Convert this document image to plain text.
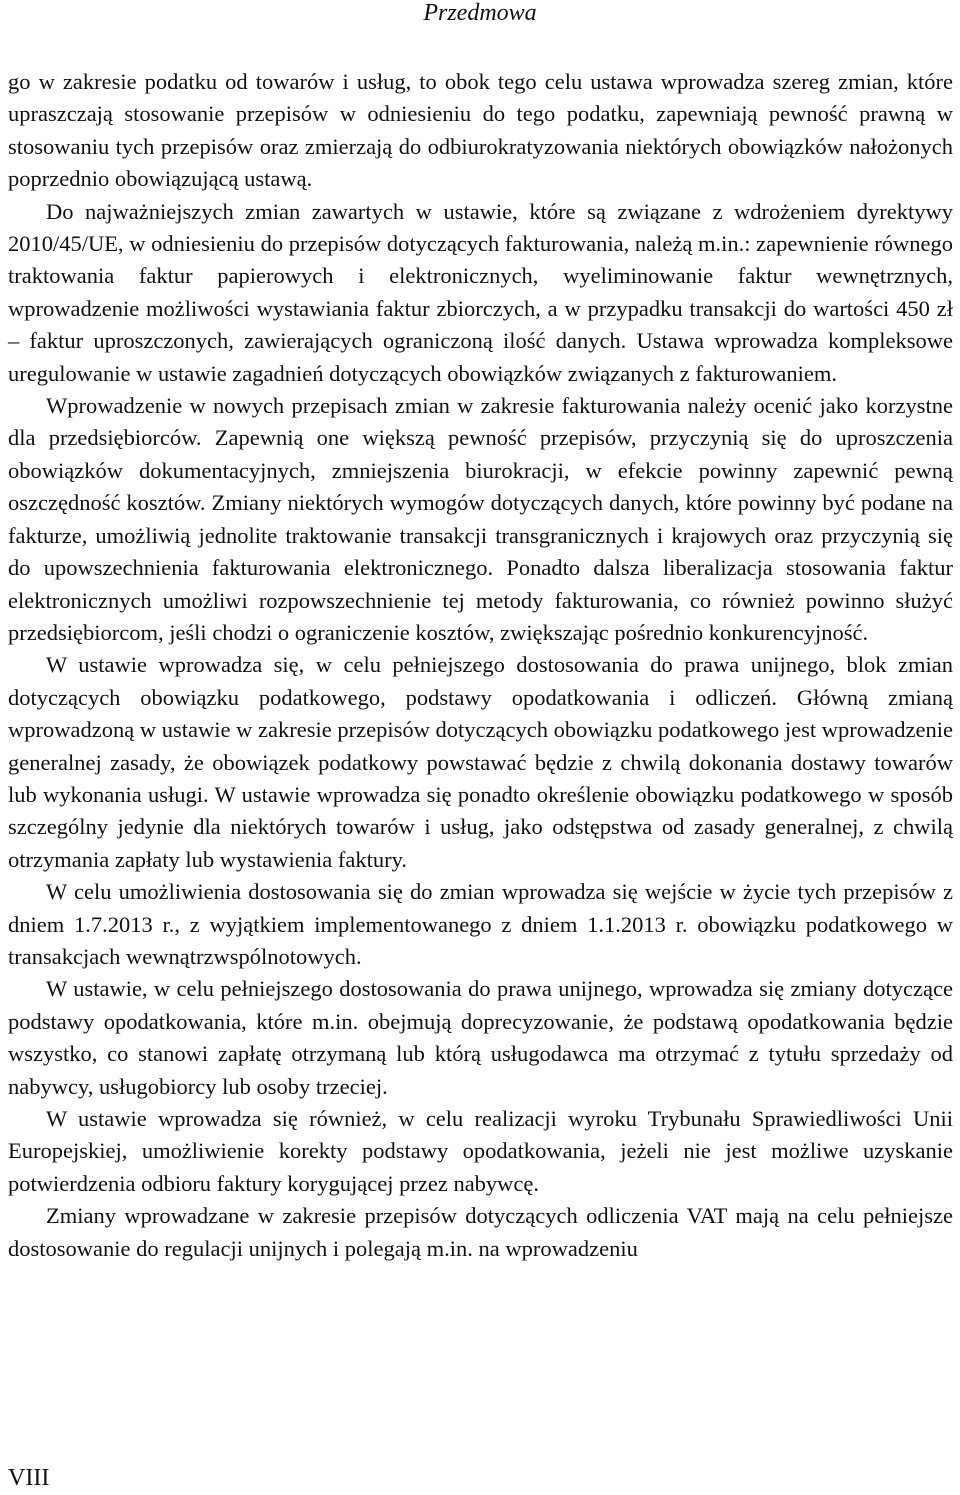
Przedmowa

go w zakresie podatku od towarów i usług, to obok tego celu ustawa wprowadza szereg zmian, które upraszczają stosowanie przepisów w odniesieniu do tego podatku, zapewniają pewność prawną w stosowaniu tych przepisów oraz zmierzają do odbiurokratyzowania niektórych obowiązków nałożonych poprzednio obowiązującą ustawą.

Do najważniejszych zmian zawartych w ustawie, które są związane z wdrożeniem dyrektywy 2010/45/UE, w odniesieniu do przepisów dotyczących fakturowania, należą m.in.: zapewnienie równego traktowania faktur papierowych i elektronicznych, wyeliminowanie faktur wewnętrznych, wprowadzenie możliwości wystawiania faktur zbiorczych, a w przypadku transakcji do wartości 450 zł – faktur uproszczonych, zawierających ograniczoną ilość danych. Ustawa wprowadza kompleksowe uregulowanie w ustawie zagadnień dotyczących obowiązków związanych z fakturowaniem.

Wprowadzenie w nowych przepisach zmian w zakresie fakturowania należy ocenić jako korzystne dla przedsiębiorców. Zapewnią one większą pewność przepisów, przyczynią się do uproszczenia obowiązków dokumentacyjnych, zmniejszenia biurokracji, w efekcie powinny zapewnić pewną oszczędność kosztów. Zmiany niektórych wymogów dotyczących danych, które powinny być podane na fakturze, umożliwią jednolite traktowanie transakcji transgranicznych i krajowych oraz przyczynią się do upowszechnienia fakturowania elektronicznego. Ponadto dalsza liberalizacja stosowania faktur elektronicznych umożliwi rozpowszechnienie tej metody fakturowania, co również powinno służyć przedsiębiorcom, jeśli chodzi o ograniczenie kosztów, zwiększając pośrednio konkurencyjność.

W ustawie wprowadza się, w celu pełniejszego dostosowania do prawa unijnego, blok zmian dotyczących obowiązku podatkowego, podstawy opodatkowania i odliczeń. Główną zmianą wprowadzoną w ustawie w zakresie przepisów dotyczących obowiązku podatkowego jest wprowadzenie generalnej zasady, że obowiązek podatkowy powstawać będzie z chwilą dokonania dostawy towarów lub wykonania usługi. W ustawie wprowadza się ponadto określenie obowiązku podatkowego w sposób szczególny jedynie dla niektórych towarów i usług, jako odstępstwa od zasady generalnej, z chwilą otrzymania zapłaty lub wystawienia faktury.

W celu umożliwienia dostosowania się do zmian wprowadza się wejście w życie tych przepisów z dniem 1.7.2013 r., z wyjątkiem implementowanego z dniem 1.1.2013 r. obowiązku podatkowego w transakcjach wewnątrzwspólnotowych.

W ustawie, w celu pełniejszego dostosowania do prawa unijnego, wprowadza się zmiany dotyczące podstawy opodatkowania, które m.in. obejmują doprecyzowanie, że podstawą opodatkowania będzie wszystko, co stanowi zapłatę otrzymaną lub którą usługodawca ma otrzymać z tytułu sprzedaży od nabywcy, usługobiorcy lub osoby trzeciej.

W ustawie wprowadza się również, w celu realizacji wyroku Trybunału Sprawiedliwości Unii Europejskiej, umożliwienie korekty podstawy opodatkowania, jeżeli nie jest możliwe uzyskanie potwierdzenia odbioru faktury korygującej przez nabywcę.

Zmiany wprowadzane w zakresie przepisów dotyczących odliczenia VAT mają na celu pełniejsze dostosowanie do regulacji unijnych i polegają m.in. na wprowadzeniu

VIII
